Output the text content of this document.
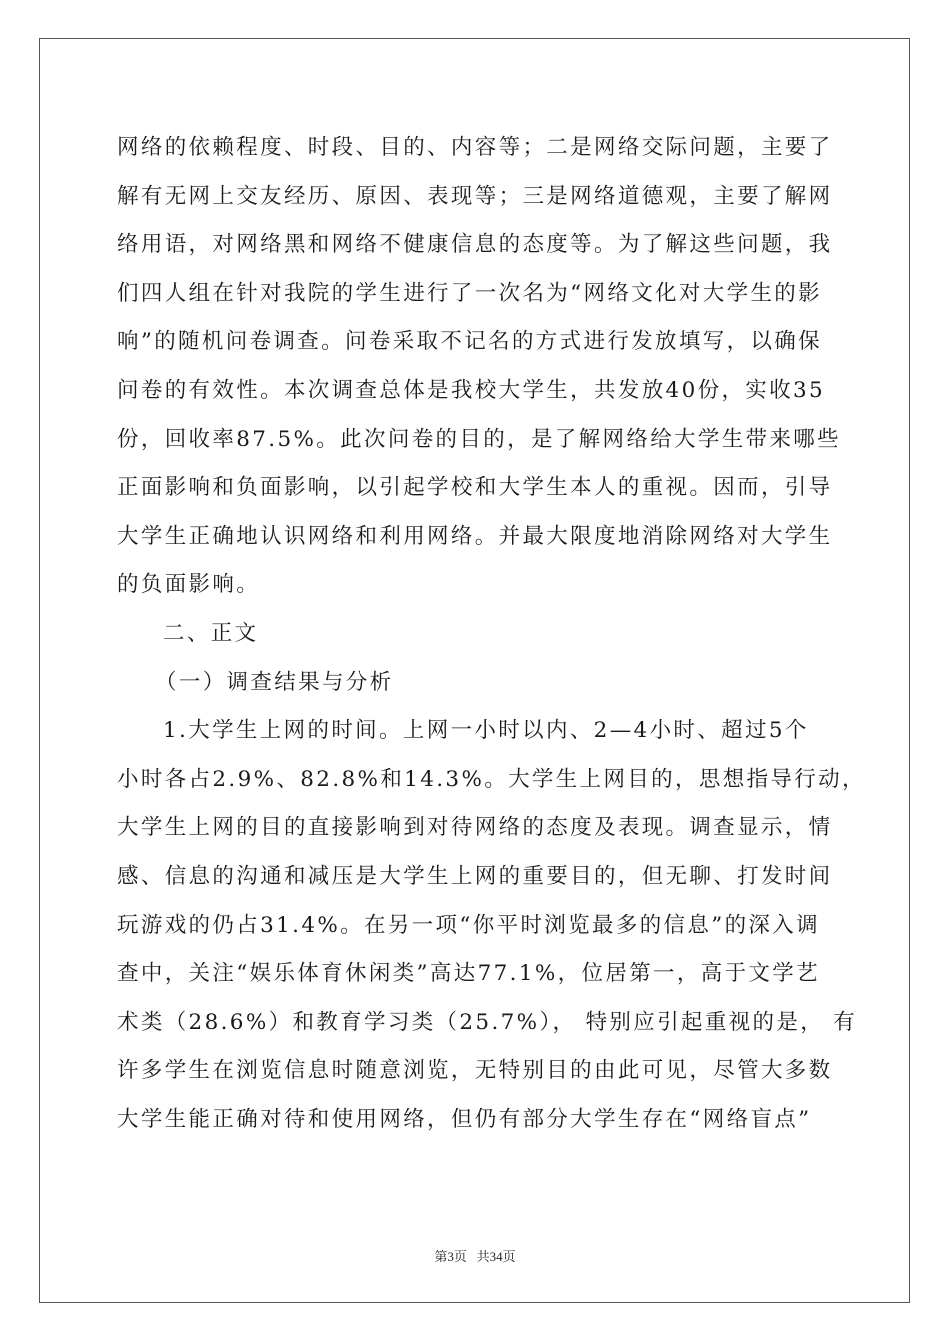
网络的依赖程度、时段、目的、内容等；二是网络交际问题，主要了
解有无网上交友经历、原因、表现等；三是网络道德观，主要了解网
络用语，对网络黑和网络不健康信息的态度等。为了解这些问题，我
们四人组在针对我院的学生进行了一次名为“网络文化对大学生的影
响”的随机问卷调查。问卷采取不记名的方式进行发放填写，以确保
问卷的有效性。本次调查总体是我校大学生，共发放40份，实收35
份，回收率87.5%。此次问卷的目的，是了解网络给大学生带来哪些
正面影响和负面影响，以引起学校和大学生本人的重视。因而，引导
大学生正确地认识网络和利用网络。并最大限度地消除网络对大学生
的负面影响。
二、正文
（一）调查结果与分析
1.大学生上网的时间。上网一小时以内、2—4小时、超过5个
小时各占2.9%、82.8%和14.3%。大学生上网目的，思想指导行动，
大学生上网的目的直接影响到对待网络的态度及表现。调查显示，情
感、信息的沟通和减压是大学生上网的重要目的，但无聊、打发时间
玩游戏的仍占31.4%。在另一项“你平时浏览最多的信息”的深入调
查中，关注“娱乐体育休闲类”高达77.1%，位居第一，高于文学艺
术类（28.6%）和教育学习类（25.7%）， 特别应引起重视的是， 有
许多学生在浏览信息时随意浏览，无特别目的由此可见，尽管大多数
大学生能正确对待和使用网络，但仍有部分大学生存在“网络盲点”
第3页   共34页
